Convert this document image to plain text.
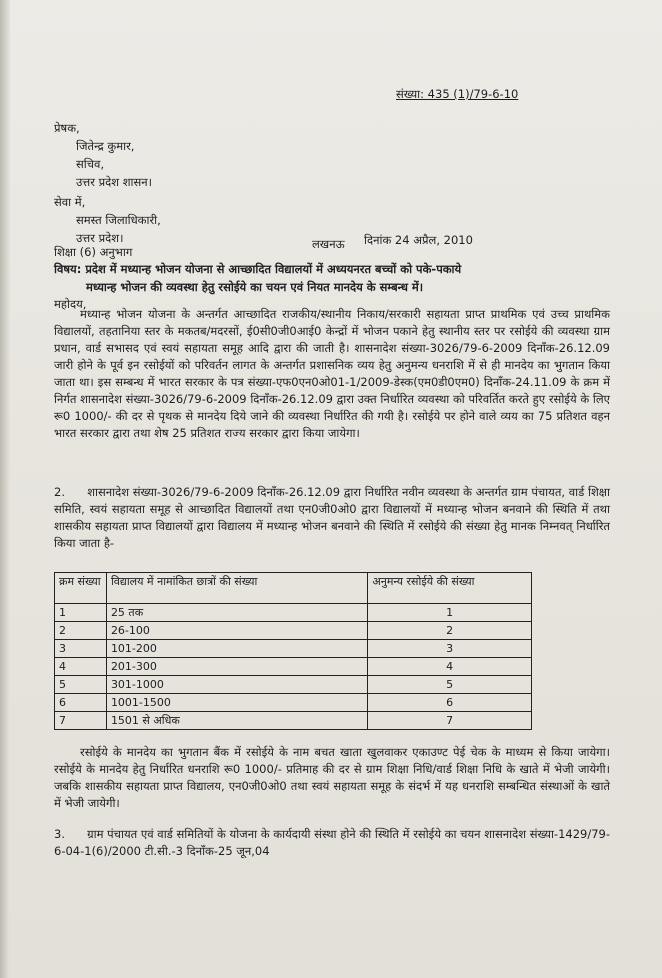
संख्या: 435 (1)/79-6-10
प्रेषक,
जितेन्द्र कुमार,
सचिव,
उत्तर प्रदेश शासन।
सेवा में,
समस्त जिलाधिकारी,
उत्तर प्रदेश।
शिक्षा (6) अनुभाग
लखनऊ दिनांक 24 अप्रैल, 2010
विषय: प्रदेश में मध्यान्ह भोजन योजना से आच्छादित विद्यालयों में अध्ययनरत बच्चों को पके-पकाये
मध्यान्ह भोजन की व्यवस्था हेतु रसोईये का चयन एवं नियत मानदेय के सम्बन्ध में।
महोदय,

मध्यान्ह भोजन योजना के अन्तर्गत आच्छादित राजकीय/स्थानीय निकाय/सरकारी सहायता प्राप्त प्राथमिक एवं उच्च प्राथमिक विद्यालयों, तहतानिया स्तर के मकतब/मदरसों, ई0सी0जी0आई0 केन्द्रों में भोजन पकाने हेतु स्थानीय स्तर पर रसोईये की व्यवस्था ग्राम प्रधान, वार्ड सभासद एवं स्वयं सहायता समूह आदि द्वारा की जाती है। शासनादेश संख्या-3026/79-6-2009 दिनाँक-26.12.09 जारी होने के पूर्व इन रसोईयों को परिवर्तन लागत के अन्तर्गत प्रशासनिक व्यय हेतु अनुमन्य धनराशि में से ही मानदेय का भुगतान किया जाता था। इस सम्बन्ध में भारत सरकार के पत्र संख्या-एफ0एन0ओ01-1/2009-डेस्क(एम0डी0एम0) दिनाँक-24.11.09 के क्रम में निर्गत शासनादेश संख्या-3026/79-6-2009 दिनाँक-26.12.09 द्वारा उक्त निर्धारित व्यवस्था को परिवर्तित करते हुए रसोईये के लिए रू0 1000/- की दर से पृथक से मानदेय दिये जाने की व्यवस्था निर्धारित की गयी है। रसोईये पर होने वाले व्यय का 75 प्रतिशत वहन भारत सरकार द्वारा तथा शेष 25 प्रतिशत राज्य सरकार द्वारा किया जायेगा।

2. शासनादेश संख्या-3026/79-6-2009 दिनाँक-26.12.09 द्वारा निर्धारित नवीन व्यवस्था के अन्तर्गत ग्राम पंचायत, वार्ड शिक्षा समिति, स्वयं सहायता समूह से आच्छादित विद्यालयों तथा एन0जी0ओ0 द्वारा विद्यालयों में मध्यान्ह भोजन बनवाने की स्थिति में तथा शासकीय सहायता प्राप्त विद्यालयों द्वारा विद्यालय में मध्यान्ह भोजन बनवाने की स्थिति में रसोईये की संख्या हेतु मानक निम्नवत् निर्धारित किया जाता है-

क्रम संख्या	विद्यालय में नामांकित छात्रों की संख्या	अनुमन्य रसोईये की संख्या
1	25 तक	1
2	26-100	2
3	101-200	3
4	201-300	4
5	301-1000	5
6	1001-1500	6
7	1501 से अधिक	7

रसोईये के मानदेय का भुगतान बैंक में रसोईये के नाम बचत खाता खुलवाकर एकाउण्ट पेई चेक के माध्यम से किया जायेगा। रसोईये के मानदेय हेतु निर्धारित धनराशि रू0 1000/- प्रतिमाह की दर से ग्राम शिक्षा निधि/वार्ड शिक्षा निधि के खाते में भेजी जायेगी। जबकि शासकीय सहायता प्राप्त विद्यालय, एन0जी0ओ0 तथा स्वयं सहायता समूह के संदर्भ में यह धनराशि सम्बन्धित संस्थाओं के खाते में भेजी जायेगी।

3. ग्राम पंचायत एवं वार्ड समितियों के योजना के कार्यदायी संस्था होने की स्थिति में रसोईये का चयन शासनादेश संख्या-1429/79-6-04-1(6)/2000 टी.सी.-3 दिनाँक-25 जून,04
